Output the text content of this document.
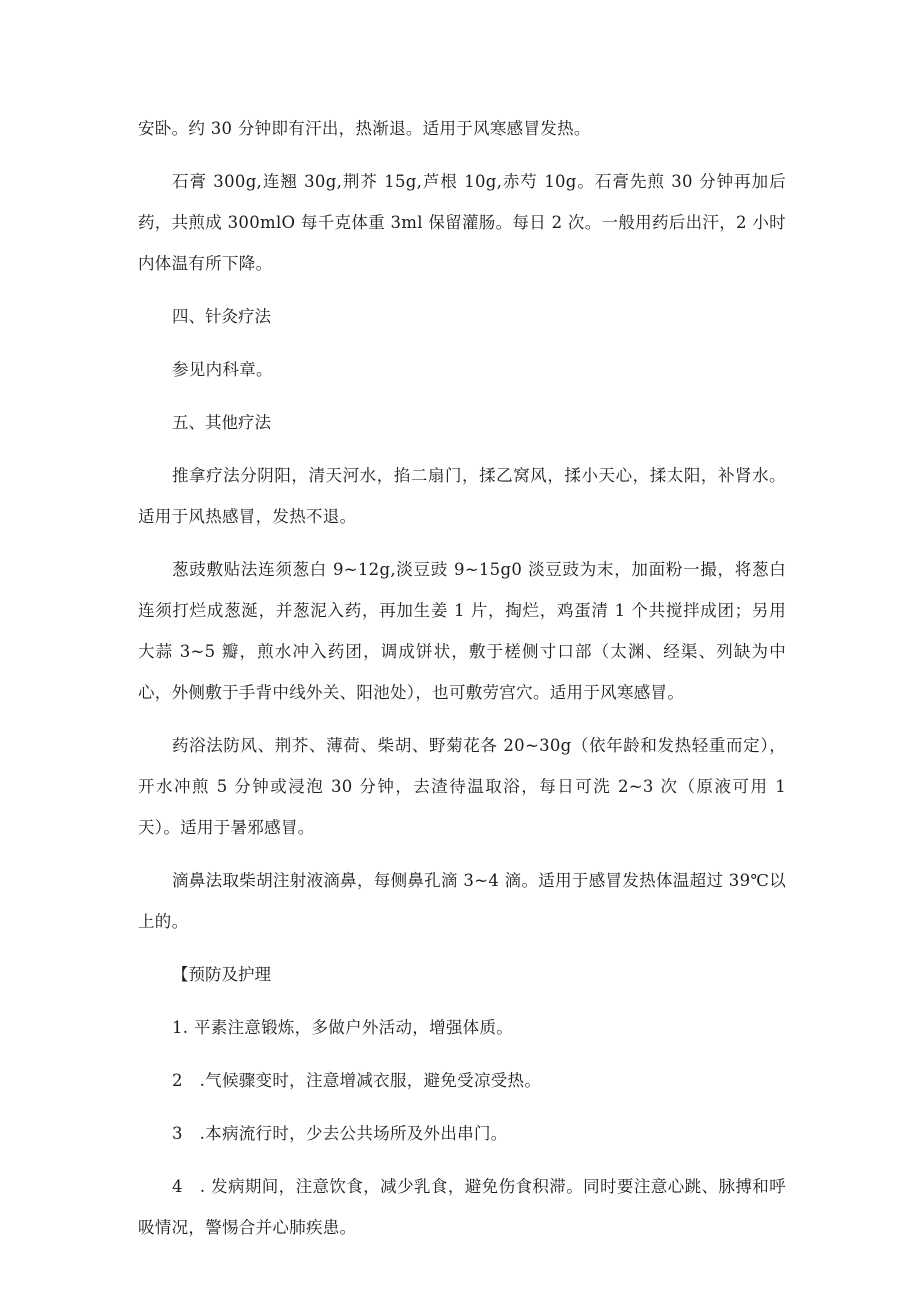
安卧。约 30 分钟即有汗出，热渐退。适用于风寒感冒发热。

石膏 300g,连翘 30g,荆芥 15g,芦根 10g,赤芍 10g。石膏先煎 30 分钟再加后药，共煎成 300mlO 每千克体重 3ml 保留灌肠。每日 2 次。一般用药后出汗，2 小时内体温有所下降。

四、针灸疗法

参见内科章。

五、其他疗法

推拿疗法分阴阳，清天河水，掐二扇门，揉乙窝风，揉小天心，揉太阳，补肾水。适用于风热感冒，发热不退。

葱豉敷贴法连须葱白 9~12g,淡豆豉 9~15g0 淡豆豉为末，加面粉一撮，将葱白连须打烂成葱涎，并葱泥入药，再加生姜 1 片，掏烂，鸡蛋清 1 个共搅拌成团；另用大蒜 3~5 瓣，煎水冲入药团，调成饼状，敷于槎侧寸口部（太渊、经渠、列缺为中心，外侧敷于手背中线外关、阳池处），也可敷劳宫穴。适用于风寒感冒。

药浴法防风、荆芥、薄荷、柴胡、野菊花各 20~30g（依年龄和发热轻重而定），开水冲煎 5 分钟或浸泡 30 分钟，去渣待温取浴，每日可洗 2~3 次（原液可用 1 天）。适用于暑邪感冒。

滴鼻法取柴胡注射液滴鼻，每侧鼻孔滴 3~4 滴。适用于感冒发热体温超过 39℃以上的。

【预防及护理

1. 平素注意锻炼，多做户外活动，增强体质。

2　.气候骤变时，注意增减衣服，避免受凉受热。

3　.本病流行时，少去公共场所及外出串门。

4　. 发病期间，注意饮食，减少乳食，避免伤食积滞。同时要注意心跳、脉搏和呼吸情况，警惕合并心肺疾患。
